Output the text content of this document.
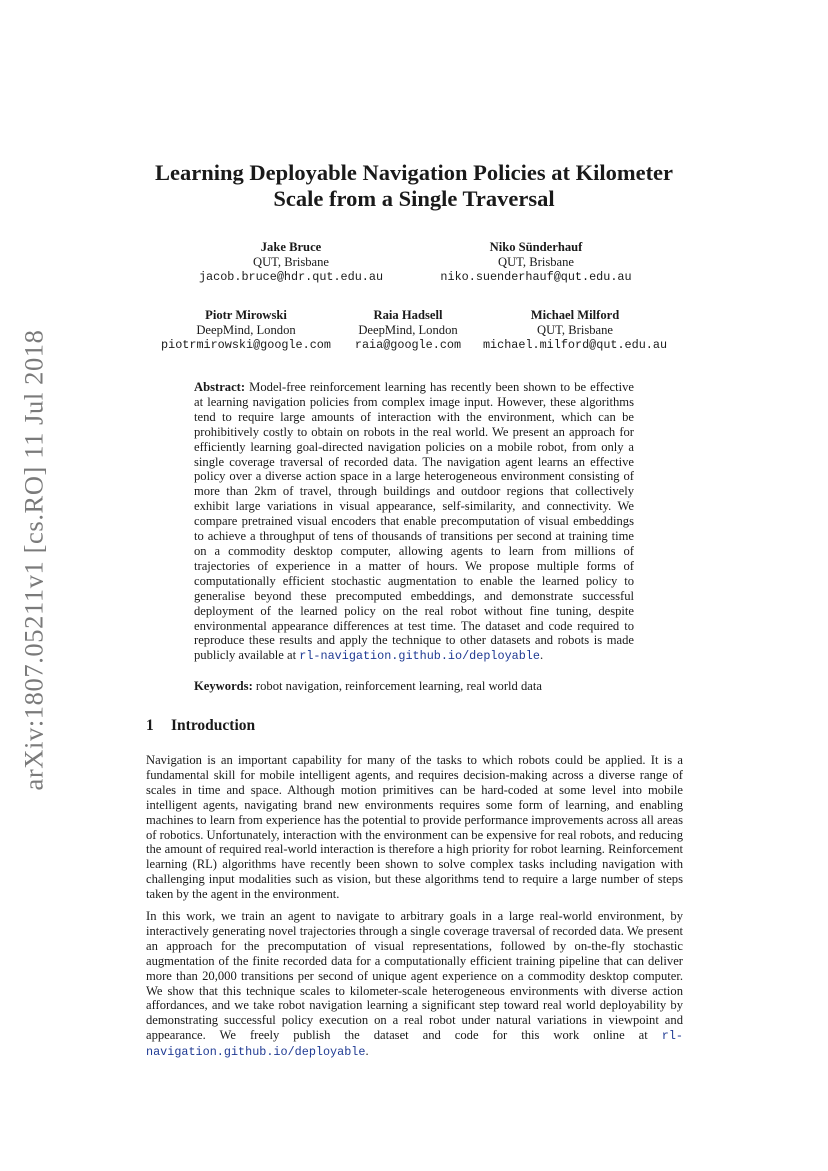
arXiv:1807.05211v1 [cs.RO] 11 Jul 2018
Learning Deployable Navigation Policies at Kilometer
Scale from a Single Traversal
Jake Bruce
QUT, Brisbane
jacob.bruce@hdr.qut.edu.au
Niko Sünderhauf
QUT, Brisbane
niko.suenderhauf@qut.edu.au
Piotr Mirowski
DeepMind, London
piotrmirowski@google.com
Raia Hadsell
DeepMind, London
raia@google.com
Michael Milford
QUT, Brisbane
michael.milford@qut.edu.au
Abstract: Model-free reinforcement learning has recently been shown to be effective at learning navigation policies from complex image input. However, these algorithms tend to require large amounts of interaction with the environment, which can be prohibitively costly to obtain on robots in the real world. We present an approach for efficiently learning goal-directed navigation policies on a mobile robot, from only a single coverage traversal of recorded data. The navigation agent learns an effective policy over a diverse action space in a large heterogeneous environment consisting of more than 2km of travel, through buildings and outdoor regions that collectively exhibit large variations in visual appearance, self-similarity, and connectivity. We compare pretrained visual encoders that enable precomputation of visual embeddings to achieve a throughput of tens of thousands of transitions per second at training time on a commodity desktop computer, allowing agents to learn from millions of trajectories of experience in a matter of hours. We propose multiple forms of computationally efficient stochastic augmentation to enable the learned policy to generalise beyond these precomputed embeddings, and demonstrate successful deployment of the learned policy on the real robot without fine tuning, despite environmental appearance differences at test time. The dataset and code required to reproduce these results and apply the technique to other datasets and robots is made publicly available at rl-navigation.github.io/deployable.
Keywords: robot navigation, reinforcement learning, real world data
1 Introduction

Navigation is an important capability for many of the tasks to which robots could be applied. It is a fundamental skill for mobile intelligent agents, and requires decision-making across a diverse range of scales in time and space. Although motion primitives can be hard-coded at some level into mobile intelligent agents, navigating brand new environments requires some form of learning, and enabling machines to learn from experience has the potential to provide performance improvements across all areas of robotics. Unfortunately, interaction with the environment can be expensive for real robots, and reducing the amount of required real-world interaction is therefore a high priority for robot learning. Reinforcement learning (RL) algorithms have recently been shown to solve complex tasks including navigation with challenging input modalities such as vision, but these algorithms tend to require a large number of steps taken by the agent in the environment.

In this work, we train an agent to navigate to arbitrary goals in a large real-world environment, by interactively generating novel trajectories through a single coverage traversal of recorded data. We present an approach for the precomputation of visual representations, followed by on-the-fly stochastic augmentation of the finite recorded data for a computationally efficient training pipeline that can deliver more than 20,000 transitions per second of unique agent experience on a commodity desktop computer. We show that this technique scales to kilometer-scale heterogeneous environments with diverse action affordances, and we take robot navigation learning a significant step toward real world deployability by demonstrating successful policy execution on a real robot under natural variations in viewpoint and appearance. We freely publish the dataset and code for this work online at rl-navigation.github.io/deployable.
